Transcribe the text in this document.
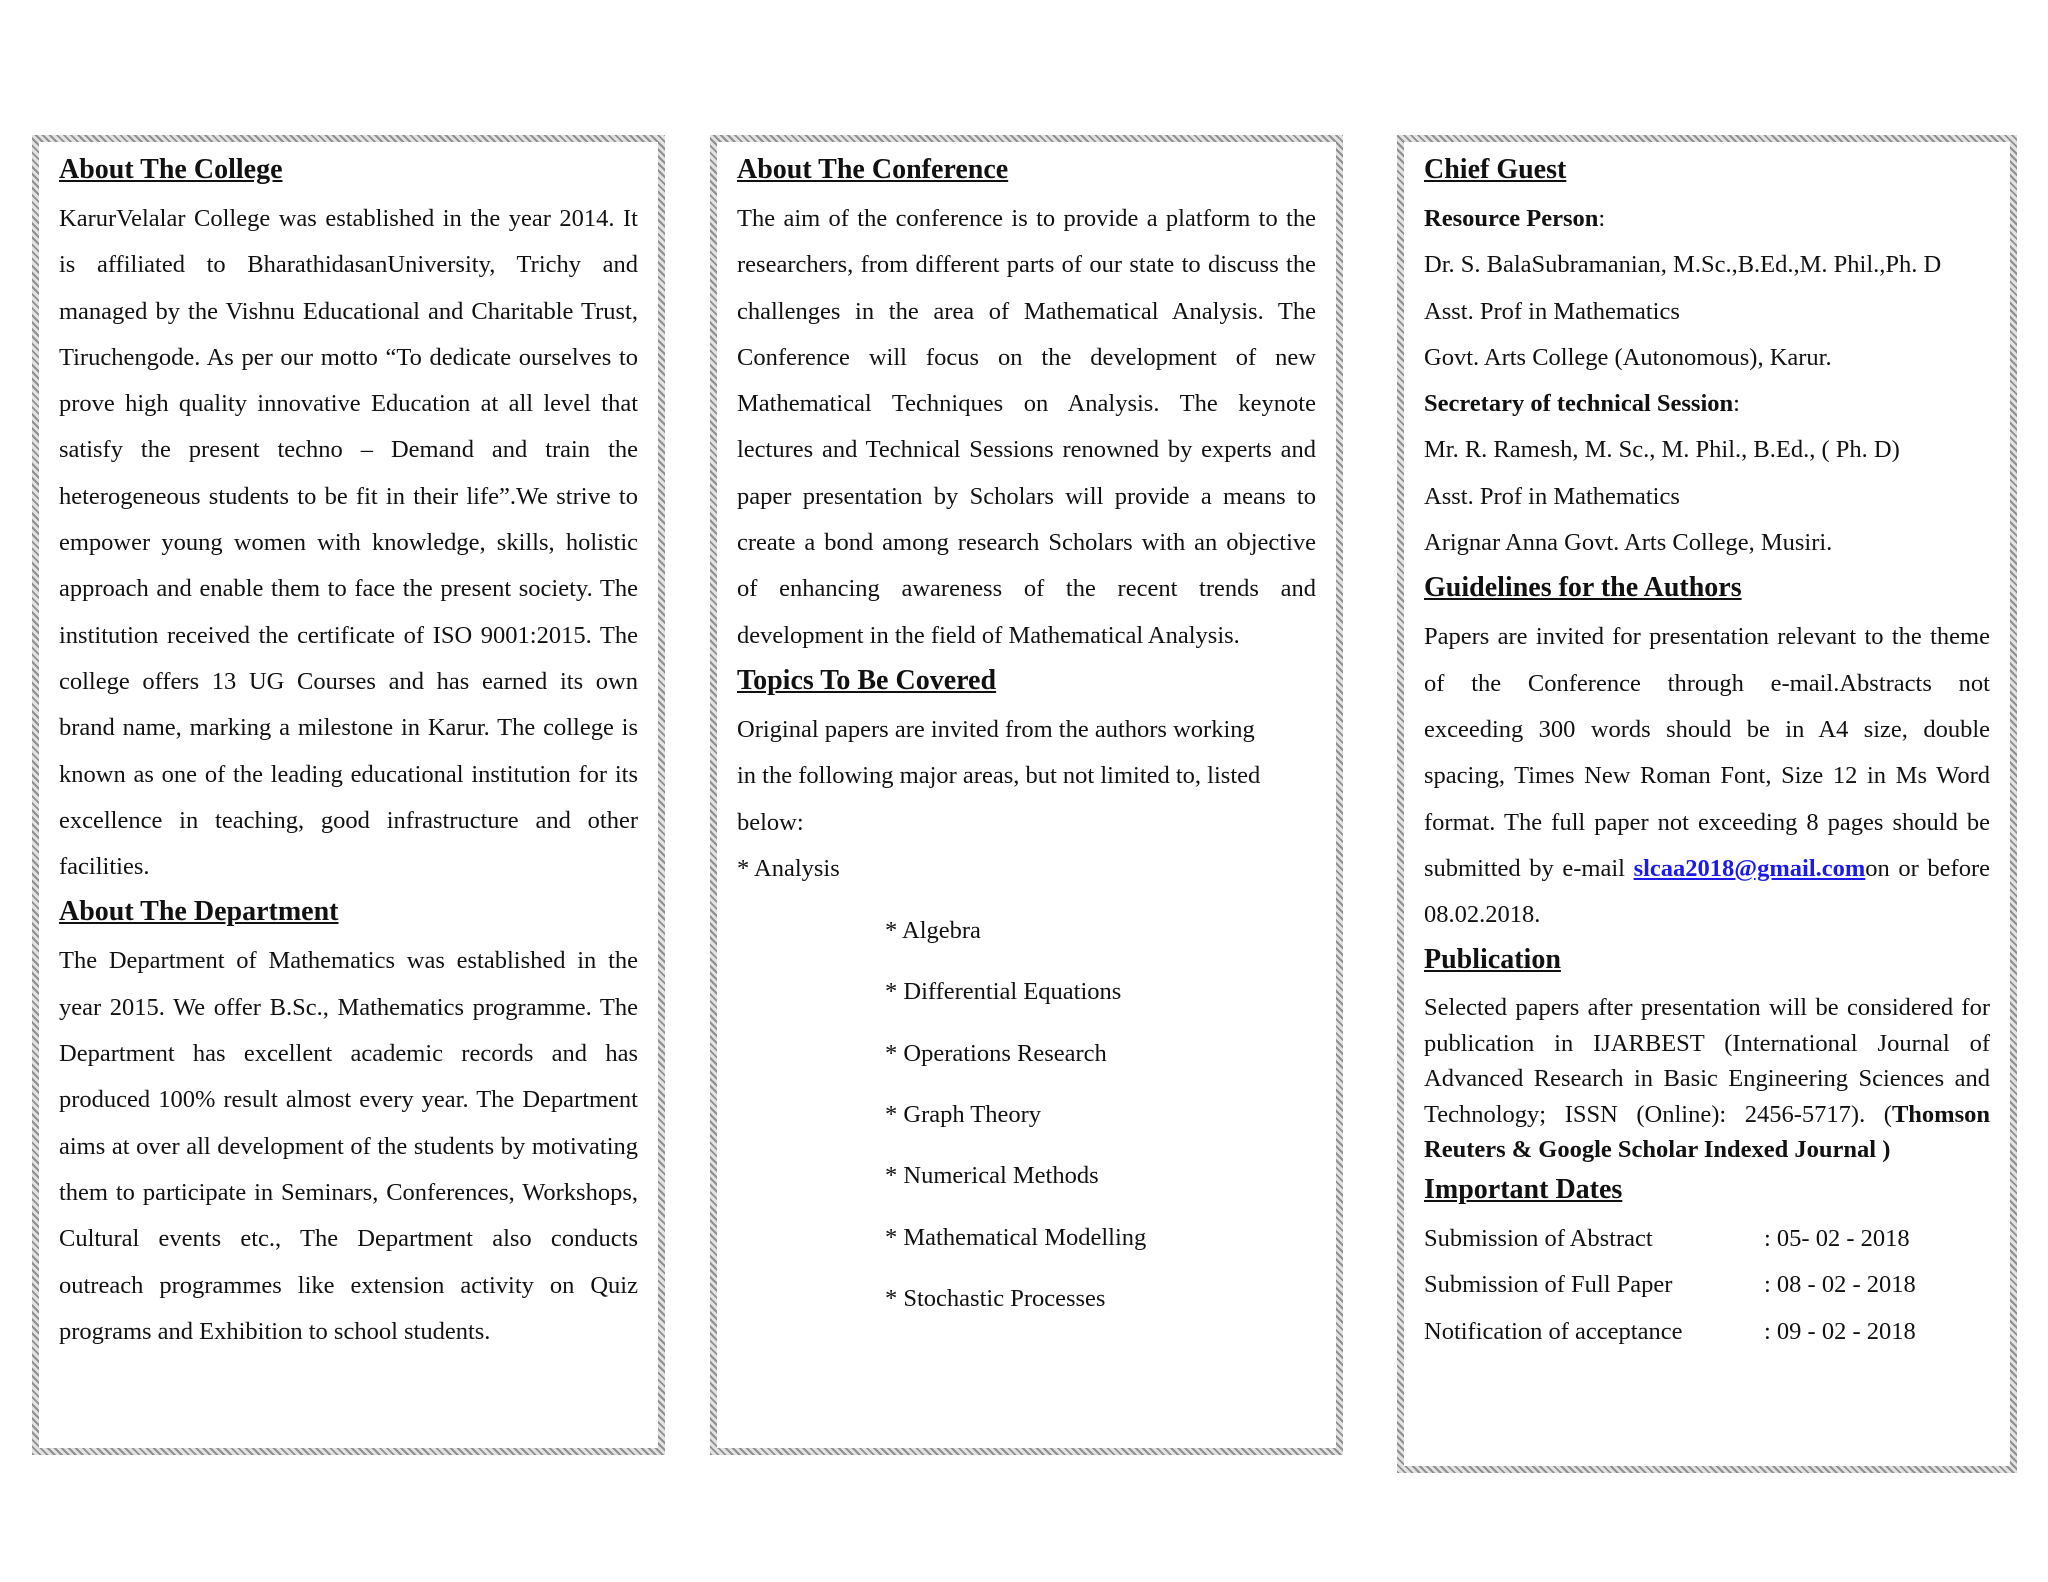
About The College

KarurVelalar College was established in the year 2014. It is affiliated to BharathidasanUniversity, Trichy and managed by the Vishnu Educational and Charitable Trust, Tiruchengode. As per our motto “To dedicate ourselves to prove high quality innovative Education at all level that satisfy the present techno – Demand and train the heterogeneous students to be fit in their life”.We strive to empower young women with knowledge, skills, holistic approach and enable them to face the present society. The institution received the certificate of ISO 9001:2015. The college offers 13 UG Courses and has earned its own brand name, marking a milestone in Karur. The college is known as one of the leading educational institution for its excellence in teaching, good infrastructure and other facilities.

About The Department

The Department of Mathematics was established in the year 2015. We offer B.Sc., Mathematics programme. The Department has excellent academic records and has produced 100% result almost every year. The Department aims at over all development of the students by motivating them to participate in Seminars, Conferences, Workshops, Cultural events etc., The Department also conducts outreach programmes like extension activity on Quiz programs and Exhibition to school students.

About The Conference

The aim of the conference is to provide a platform to the researchers, from different parts of our state to discuss the challenges in the area of Mathematical Analysis. The Conference will focus on the development of new Mathematical Techniques on Analysis. The keynote lectures and Technical Sessions renowned by experts and paper presentation by Scholars will provide a means to create a bond among research Scholars with an objective of enhancing awareness of the recent trends and development in the field of Mathematical Analysis.

Topics To Be Covered

Original papers are invited from the authors working

in the following major areas, but not limited to, listed

below:

* Analysis

* Algebra

* Differential Equations

* Operations Research

* Graph Theory

* Numerical Methods

* Mathematical Modelling

* Stochastic Processes

Chief Guest

Resource Person:

Dr. S. BalaSubramanian, M.Sc.,B.Ed.,M. Phil.,Ph. D

Asst. Prof in Mathematics

Govt. Arts College (Autonomous), Karur.

Secretary of technical Session:

Mr. R. Ramesh, M. Sc., M. Phil., B.Ed., ( Ph. D)

Asst. Prof in Mathematics

Arignar Anna Govt. Arts College, Musiri.

Guidelines for the Authors

Papers are invited for presentation relevant to the theme of the Conference through e-mail.Abstracts not exceeding 300 words should be in A4 size, double spacing, Times New Roman Font, Size 12 in Ms Word format. The full paper not exceeding 8 pages should be submitted by e-mail slcaa2018@gmail.comon or before 08.02.2018.

Publication

Selected papers after presentation will be considered for publication in IJARBEST (International Journal of Advanced Research in Basic Engineering Sciences and Technology; ISSN (Online): 2456-5717). (Thomson Reuters & Google Scholar Indexed Journal )

Important Dates
Submission of Abstract	: 05- 02 - 2018
Submission of Full Paper	: 08 - 02 - 2018
Notification of acceptance	: 09 - 02 - 2018
